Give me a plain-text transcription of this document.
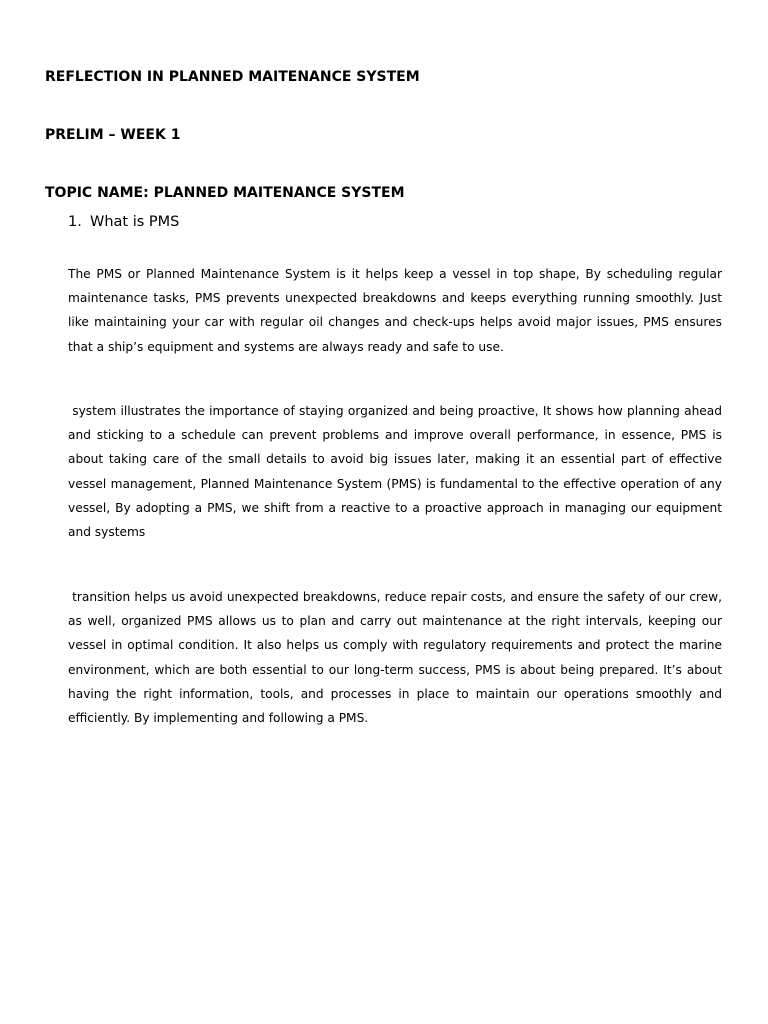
REFLECTION IN PLANNED MAITENANCE SYSTEM

PRELIM – WEEK 1

TOPIC NAME: PLANNED MAITENANCE SYSTEM

1. What is PMS

The PMS or Planned Maintenance System is it helps keep a vessel in top shape, By scheduling regular maintenance tasks, PMS prevents unexpected breakdowns and keeps everything running smoothly. Just like maintaining your car with regular oil changes and check-ups helps avoid major issues, PMS ensures that a ship’s equipment and systems are always ready and safe to use.

system illustrates the importance of staying organized and being proactive, It shows how planning ahead and sticking to a schedule can prevent problems and improve overall performance, in essence, PMS is about taking care of the small details to avoid big issues later, making it an essential part of effective vessel management, Planned Maintenance System (PMS) is fundamental to the effective operation of any vessel, By adopting a PMS, we shift from a reactive to a proactive approach in managing our equipment and systems

transition helps us avoid unexpected breakdowns, reduce repair costs, and ensure the safety of our crew, as well, organized PMS allows us to plan and carry out maintenance at the right intervals, keeping our vessel in optimal condition. It also helps us comply with regulatory requirements and protect the marine environment, which are both essential to our long-term success, PMS is about being prepared. It’s about having the right information, tools, and processes in place to maintain our operations smoothly and efficiently. By implementing and following a PMS.
